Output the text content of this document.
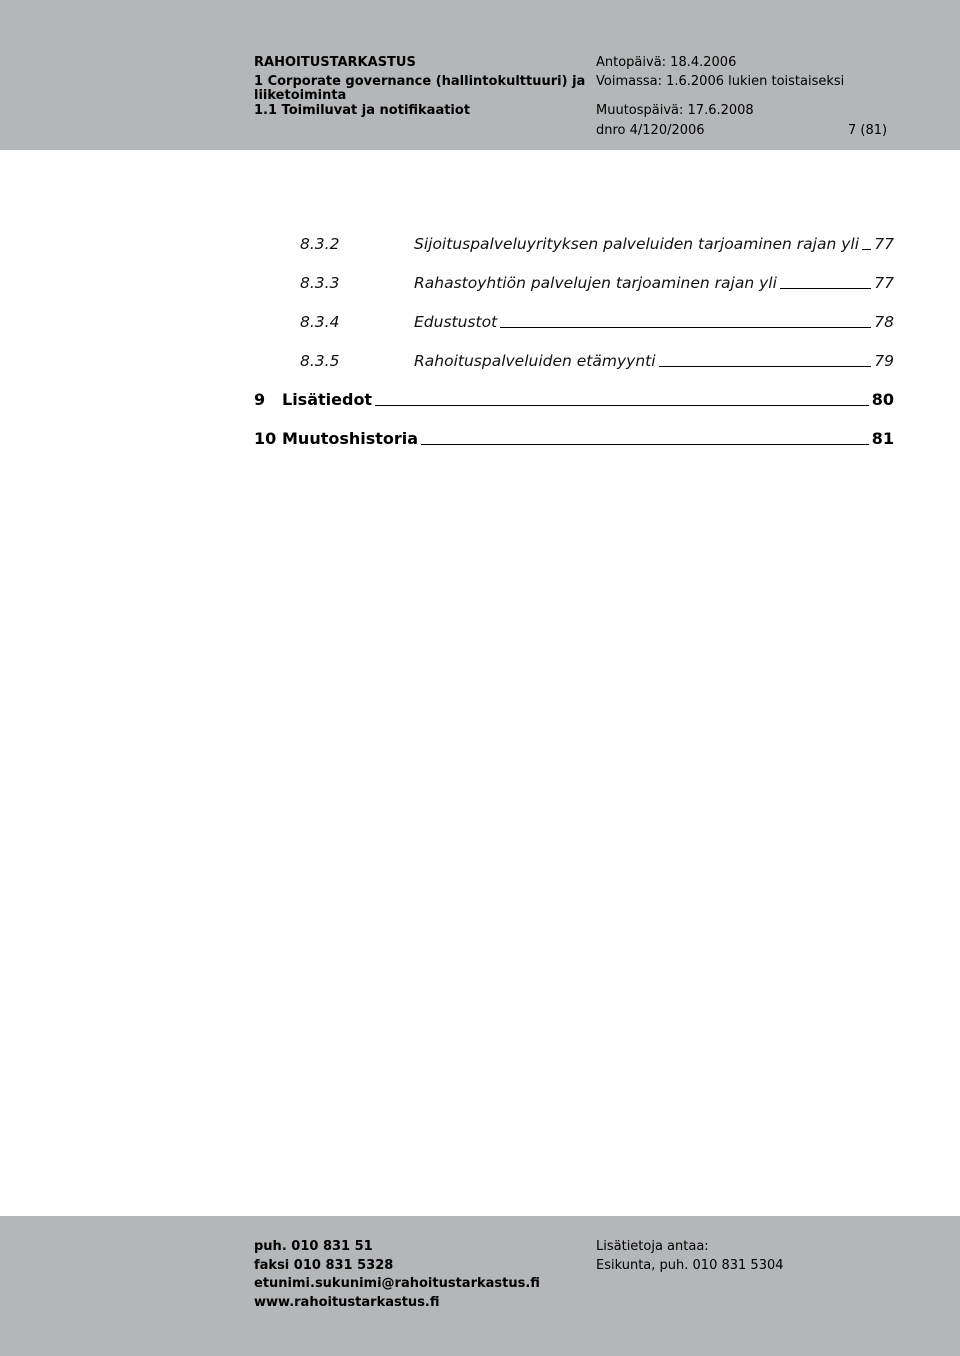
RAHOITUSTARKASTUS
1 Corporate governance (hallintokulttuuri) ja
liiketoiminta
1.1 Toimiluvat ja notifikaatiot
Antopäivä: 18.4.2006
Voimassa: 1.6.2006 lukien toistaiseksi
Muutospäivä: 17.6.2008
dnro 4/120/2006	7 (81)
8.3.2	Sijoituspalveluyrityksen palveluiden tarjoaminen rajan yli 77
8.3.3	Rahastoyhtiön palvelujen tarjoaminen rajan yli	77
8.3.4	Edustustot	78
8.3.5	Rahoituspalveluiden etämyynti	79
9	Lisätiedot	80
10 Muutoshistoria	81
puh. 010 831 51
faksi 010 831 5328
etunimi.sukunimi@rahoitustarkastus.fi
www.rahoitustarkastus.fi
Lisätietoja antaa:
Esikunta, puh. 010 831 5304
